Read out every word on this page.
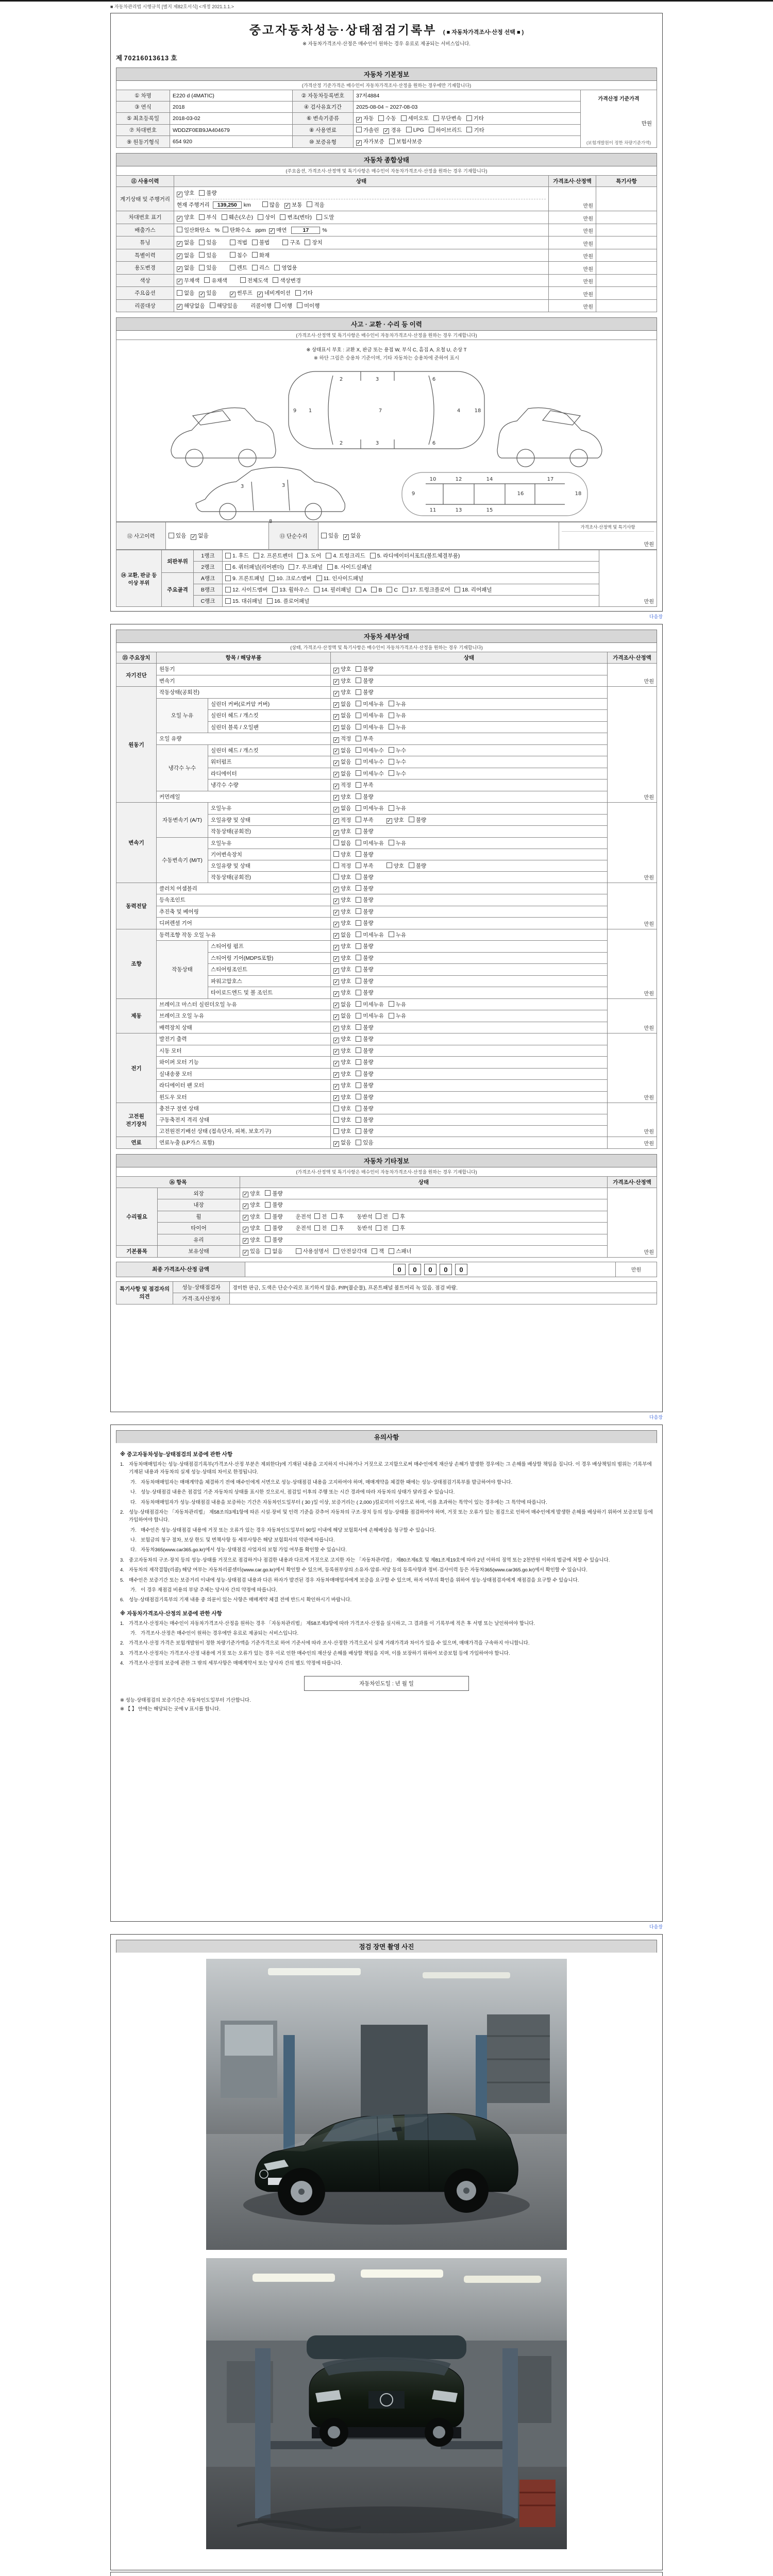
■ 자동차관리법 시행규칙 [별지 제82호서식] <개정 2021.1.1.>
중고자동차성능·상태점검기록부 ( ■ 자동차가격조사·산정 선택 ■ )
※ 자동차가격조사·산정은 매수인이 원하는 경우 유료로 제공되는 서비스입니다.
제 70216013613 호
자동차 기본정보
(가격산정 기준가격은 매수인이 자동차가격조사·산정을 원하는 경우에만 기재합니다)
① 차명	E220 d (4MATIC)	② 자동차등록번호	37저4884	가격산정 기준가격
만원
(보험개발원이 정한 차량기준가액)

③ 연식	2018	④ 검사유효기간	2025-08-04 ~ 2027-08-03	
⑤ 최초등록일	2018-03-02	⑥ 변속기종류	✓ 자동 수동 세미오토 무단변속 기타	
⑦ 차대번호	WDDZF0EB9JA404679	⑧ 사용연료	가솔린 ✓ 경유 LPG 하이브리드 기타	
⑨ 원동기형식	654 920	⑩ 보증유형	✓ 자가보증 보험사보증	
자동차 종합상태
(주요옵션, 가격조사·산정액 및 특기사항은 매수인이 자동차가격조사·산정을 원하는 경우 기재합니다)
⑪ 사용이력	상태	가격조사·산정액	특기사항
계기상태 및 주행거리	✓ 양호 불량
현재 주행거리 139,250 km 많음 ✓ 보통 적음	만원	
차대번호 표기	✓ 양호 부식 훼손(오손) 상이 변조(변타) 도말	만원	
배출가스	일산화탄소 % 탄화수소 ppm ✓ 매연 17 %	만원	
튜닝	✓ 없음 있음 적법 불법 구조 장치	만원	
특별이력	✓ 없음 있음 침수 화재	만원	
용도변경	✓ 없음 있음 렌트 리스 영업용	만원	
색상	✓ 무채색 유채색 전체도색 색상변경	만원	
주요옵션	없음 ✓ 있음 ✓ 썬루프 ✓ 네비게이션 기타	만원	
리콜대상	✓ 해당없음 해당있음 리콜이행 이행 미이행	만원	
사고 · 교환 · 수리 등 이력
(가격조사·산정액 및 특기사항은 매수인이 자동차가격조사·산정을 원하는 경우 기재합니다)
※ 상태표시 부호 : 교환 X, 판금 또는 용접 W, 부식 C, 흠집 A, 요철 U, 손상 T
※ 하단 그림은 승용차 기준이며, 기타 자동차는 승용차에 준하여 표시
1	7	4
2
2
3
3
6
6
9	18
8
3	3
9
10
11
12
13
14
15
16
17
18
⑫ 사고이력	있음 ✓ 없음	⑬ 단순수리	있음 ✓ 없음	
가격조사·산정액 및 특기사항
만원
⑭ 교환, 판금 등 이상 부위	외판부위	1랭크	1. 후드 2. 프론트펜더 3. 도어 4. 트렁크리드 5. 라디에이터서포트(볼트체결부품)	만원
		2랭크	6. 쿼터패널(리어펜더) 7. 루프패널 8. 사이드실패널	
	주요골격	A랭크	9. 프론트패널 10. 크로스멤버 11. 인사이드패널	
		B랭크	12. 사이드멤버 13. 휠하우스 14. 필러패널 A B C 17. 트렁크플로어 18. 리어패널	
		C랭크	15. 대쉬패널 16. 플로어패널	
다음장
자동차 세부상태
(상태, 가격조사·산정액 및 특기사항은 매수인이 자동차가격조사·산정을 원하는 경우 기재합니다)
⑮ 주요장치	항목 / 해당부품		상태	가격조사·산정액
자기진단	원동기		✓ 양호 불량	만원
	변속기		✓ 양호 불량	
원동기	작동상태(공회전)		✓ 양호 불량	만원
	오일 누유	실린더 커버(로커암 커버)	✓ 없음 미세누유 누유	
		실린더 헤드 / 개스킷	✓ 없음 미세누유 누유	
		실린더 블록 / 오일팬	✓ 없음 미세누유 누유	
	오일 유량		✓ 적정 부족	
	냉각수 누수	실린더 헤드 / 개스킷	✓ 없음 미세누수 누수	
		워터펌프	✓ 없음 미세누수 누수	
		라디에이터	✓ 없음 미세누수 누수	
		냉각수 수량	✓ 적정 부족	
	커먼레일		✓ 양호 불량	
변속기	자동변속기 (A/T)	오일누유	✓ 없음 미세누유 누유	만원
		오일유량 및 상태	✓ 적정 부족 ✓ 양호 불량	
		작동상태(공회전)	✓ 양호 불량	
	수동변속기 (M/T)	오일누유	없음 미세누유 누유	
		기어변속장치	양호 불량	
		오일유량 및 상태	적정 부족 양호 불량	
		작동상태(공회전)	양호 불량	
동력전달	클러치 어셈블리		✓ 양호 불량	만원
	등속조인트		✓ 양호 불량	
	추진축 및 베어링		✓ 양호 불량	
	디퍼렌셜 기어		✓ 양호 불량	
조향	동력조향 작동 오일 누유		✓ 없음 미세누유 누유	만원
	작동상태	스티어링 펌프	✓ 양호 불량	
		스티어링 기어(MDPS포함)	✓ 양호 불량	
		스티어링조인트	✓ 양호 불량	
		파워고압호스	✓ 양호 불량	
		타이로드엔드 및 볼 조인트	✓ 양호 불량	
제동	브레이크 마스터 실린더오일 누유		✓ 없음 미세누유 누유	만원
	브레이크 오일 누유		✓ 없음 미세누유 누유	
	배력장치 상태		✓ 양호 불량	
전기	발전기 출력		✓ 양호 불량	만원
	시동 모터		✓ 양호 불량	
	와이퍼 모터 기능		✓ 양호 불량	
	실내송풍 모터		✓ 양호 불량	
	라디에이터 팬 모터		✓ 양호 불량	
	윈도우 모터		✓ 양호 불량	
고전원 전기장치	충전구 절연 상태		양호 불량	만원
	구동축전지 격리 상태		양호 불량	
	고전원전기배선 상태 (접속단자, 피복, 보호기구)		양호 불량	
연료	연료누출 (LP가스 포함)		✓ 없음 있음	만원
자동차 기타정보
(가격조사·산정액 및 특기사항은 매수인이 자동차가격조사·산정을 원하는 경우 기재합니다)
⑯ 항목		상태	가격조사·산정액
수리필요	외장	✓ 양호 불량	만원
	내장	✓ 양호 불량	
	휠	✓ 양호 불량 운전석 전 후 동반석 전 후	
	타이어	✓ 양호 불량 운전석 전 후 동반석 전 후	
	유리	✓ 양호 불량	
기본품목	보유상태	✓ 있음 없음 사용설명서 안전삼각대 잭 스패너	
최종 가격조사·산정 금액	0 0 0 0 0	만원
특기사항 및 점검자의 의견	성능·상태점검자	경미한 판금, 도색은 단순수리로 표기하지 않음. P/P(불순물), 프론트패널 볼트머리 녹 있음. 점검 바람.
	가격·조사산정자	
다음장
유의사항
※ 중고자동차성능·상태점검의 보증에 관한 사항
1. 자동차매매업자는 성능·상태점검기록부(가격조사·산정 부분은 제외한다)에 기재된 내용을 고지하지 아니하거나 거짓으로 고지함으로써 매수인에게 재산상 손해가 발생한 경우에는 그 손해를 배상할 책임을 집니다. 이 경우 배상책임의 범위는 기록부에 기재된 내용과 자동차의 실제 성능·상태의 차이로 한정됩니다.
가. 자동차매매업자는 매매계약을 체결하기 전에 매수인에게 서면으로 성능·상태점검 내용을 고지하여야 하며, 매매계약을 체결한 때에는 성능·상태점검기록부를 발급하여야 합니다.
나. 성능·상태점검 내용은 점검일 기준 자동차의 상태를 표시한 것으로서, 점검일 이후의 주행 또는 시간 경과에 따라 자동차의 상태가 달라질 수 있습니다.
다. 자동차매매업자가 성능·상태점검 내용을 보증하는 기간은 자동차인도일부터 ( 30 )일 이상, 보증거리는 ( 2,000 )킬로미터 이상으로 하며, 이를 초과하는 특약이 있는 경우에는 그 특약에 따릅니다.
2. 성능·상태점검자는 「자동차관리법」 제58조의3제1항에 따른 시설·장비 및 인력 기준을 갖추어 자동차의 구조·장치 등의 성능·상태를 점검하여야 하며, 거짓 또는 오류가 있는 점검으로 인하여 매수인에게 발생한 손해를 배상하기 위하여 보증보험 등에 가입하여야 합니다.
가. 매수인은 성능·상태점검 내용에 거짓 또는 오류가 있는 경우 자동차인도일부터 90일 이내에 해당 보험회사에 손해배상을 청구할 수 있습니다.
나. 보험금의 청구 절차, 보상 한도 및 면책사항 등 세부사항은 해당 보험회사의 약관에 따릅니다.
다. 자동차365(www.car365.go.kr)에서 성능·상태점검 사업자의 보험 가입 여부를 확인할 수 있습니다.
3. 중고자동차의 구조·장치 등의 성능·상태를 거짓으로 점검하거나 점검한 내용과 다르게 거짓으로 고지한 자는 「자동차관리법」 제80조제6호 및 제81조제19호에 따라 2년 이하의 징역 또는 2천만원 이하의 벌금에 처할 수 있습니다.
4. 자동차의 제작결함(리콜) 해당 여부는 자동차리콜센터(www.car.go.kr)에서 확인할 수 있으며, 등록원부상의 소유자·압류·저당 등의 등록사항과 정비·검사이력 등은 자동차365(www.car365.go.kr)에서 확인할 수 있습니다.
5. 매수인은 보증기간 또는 보증거리 이내에 성능·상태점검 내용과 다른 하자가 발견된 경우 자동차매매업자에게 보증을 요구할 수 있으며, 하자 여부의 확인을 위하여 성능·상태점검자에게 재점검을 요구할 수 있습니다.
가. 이 경우 재점검 비용의 부담 주체는 당사자 간의 약정에 따릅니다.
6. 성능·상태점검기록부의 기재 내용 중 의문이 있는 사항은 매매계약 체결 전에 반드시 확인하시기 바랍니다.
※ 자동차가격조사·산정의 보증에 관한 사항
1. 가격조사·산정자는 매수인이 자동차가격조사·산정을 원하는 경우 「자동차관리법」 제58조제3항에 따라 가격조사·산정을 실시하고, 그 결과를 이 기록부에 적은 후 서명 또는 날인하여야 합니다.
가. 가격조사·산정은 매수인이 원하는 경우에만 유료로 제공되는 서비스입니다.
2. 가격조사·산정 가격은 보험개발원이 정한 차량기준가액을 기준가격으로 하여 기준서에 따라 조사·산정한 가격으로서 실제 거래가격과 차이가 있을 수 있으며, 매매가격을 구속하지 아니합니다.
3. 가격조사·산정자는 가격조사·산정 내용에 거짓 또는 오류가 있는 경우 이로 인한 매수인의 재산상 손해를 배상할 책임을 지며, 이를 보장하기 위하여 보증보험 등에 가입하여야 합니다.
4. 가격조사·산정의 보증에 관한 그 밖의 세부사항은 매매계약서 또는 당사자 간의 별도 약정에 따릅니다.
자동차인도일 : 년 월 일
※ 성능·상태점검의 보증기간은 자동차인도일부터 기산합니다.
※ 【 】 안에는 해당되는 곳에 V 표시를 합니다.
다음장
점검 장면 촬영 사진
